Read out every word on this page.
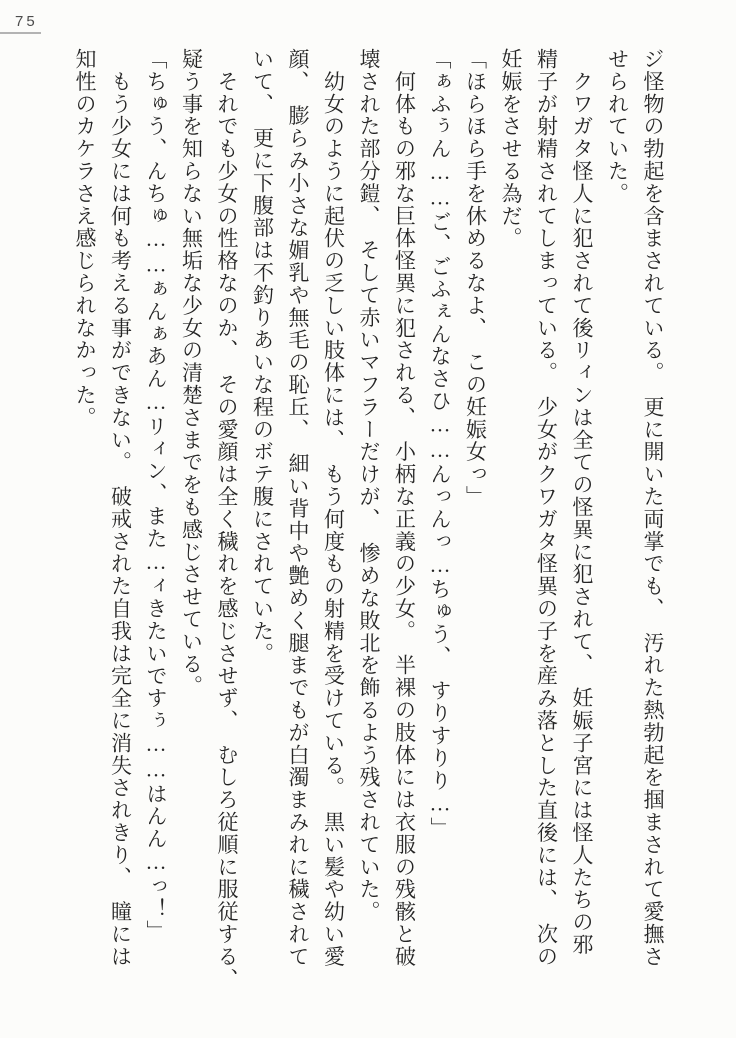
75
ジ怪物の勃起を含まされている。　更に開いた両掌でも、　汚れた熱勃起を掴まされて愛撫さ
せられていた。
　クワガタ怪人に犯されて後リィンは全ての怪異に犯されて、　妊娠子宮には怪人たちの邪
精子が射精されてしまっている。　少女がクワガタ怪異の子を産み落とした直後には、　次の
妊娠をさせる為だ。
「ほらほら手を休めるなよ、　この妊娠女っ」
「ぁふぅん……ご、ごふぇんなさひ……んっんっ…ちゅう、　すりすりり…」
　何体もの邪な巨体怪異に犯される、　小柄な正義の少女。　半裸の肢体には衣服の残骸と破
壊された部分鎧、　そして赤いマフラーだけが、　惨めな敗北を飾るよう残されていた。
　幼女のように起伏の乏しい肢体には、　もう何度もの射精を受けている。　黒い髪や幼い愛
顔、　膨らみ小さな媚乳や無毛の恥丘、　細い背中や艶めく腿までもが白濁まみれに穢されて
いて、　更に下腹部は不釣りあいな程のボテ腹にされていた。
　それでも少女の性格なのか、　その愛顔は全く穢れを感じさせず、　むしろ従順に服従する、
疑う事を知らない無垢な少女の清楚さまでをも感じさせている。
「ちゅう、んちゅ……ぁんぁあん…リィン、また…ィきたいですぅ……はんん…っ！」
　もう少女には何も考える事ができない。　破戒された自我は完全に消失されきり、　瞳には
知性のカケラさえ感じられなかった。
